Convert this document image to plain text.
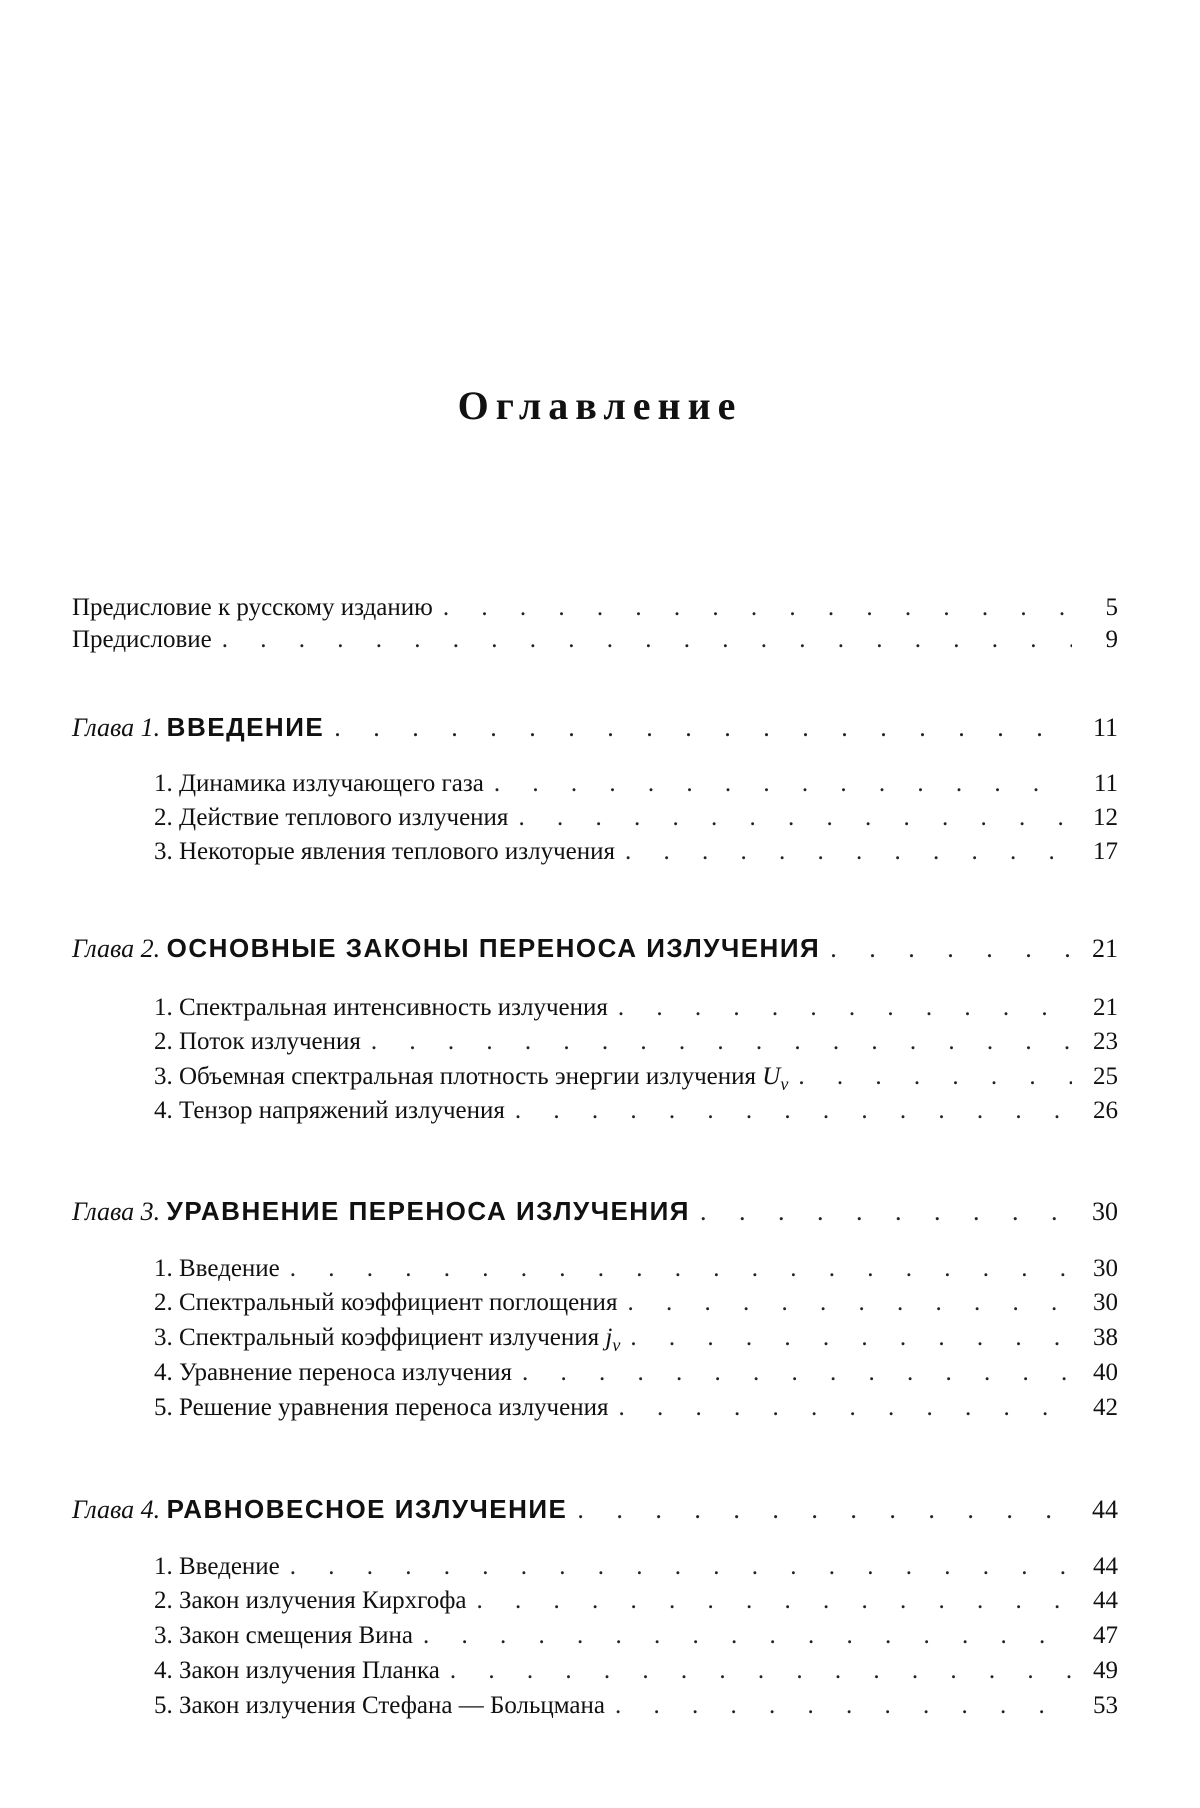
Оглавление
Предисловие к русскому изданию . . .	5
Предисловие . . .	9
Глава 1. ВВЕДЕНИЕ . . .	11
1. Динамика излучающего газа . . .	11
2. Действие теплового излучения . . .	12
3. Некоторые явления теплового излучения . . .	17
Глава 2. ОСНОВНЫЕ ЗАКОНЫ ПЕРЕНОСА ИЗЛУЧЕНИЯ . . .	21
1. Спектральная интенсивность излучения . . .	21
2. Поток излучения . . .	23
3. Объемная спектральная плотность энергии излучения $U_\nu$ . . .	25
4. Тензор напряжений излучения . . .	26
Глава 3. УРАВНЕНИЕ ПЕРЕНОСА ИЗЛУЧЕНИЯ . . .	30
1. Введение . . .	30
2. Спектральный коэффициент поглощения . . .	30
3. Спектральный коэффициент излучения $j_\nu$ . . .	38
4. Уравнение переноса излучения . . .	40
5. Решение уравнения переноса излучения . . .	42
Глава 4. РАВНОВЕСНОЕ ИЗЛУЧЕНИЕ . . .	44
1. Введение . . .	44
2. Закон излучения Кирхгофа . . .	44
3. Закон смещения Вина . . .	47
4. Закон излучения Планка . . .	49
5. Закон излучения Стефана — Больцмана . . .	53
